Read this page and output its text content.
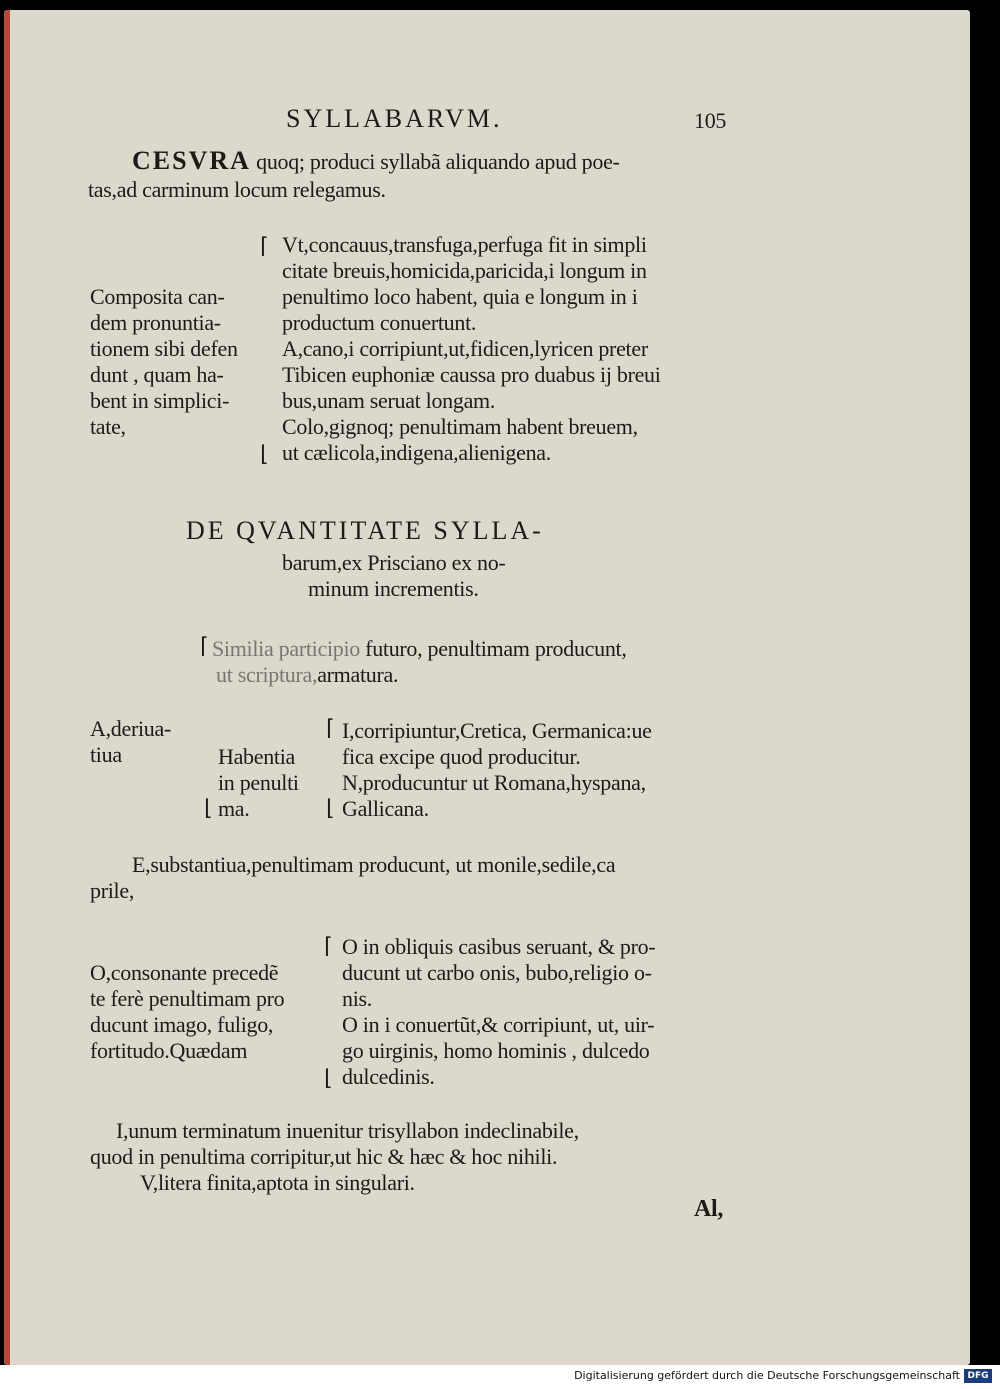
SYLLABARVM.	105
CESVRA quoq; produci syllabã aliquando apud poe-
tas,ad carminum locum relegamus.
⌈
⌊
Composita can-
dem pronuntia-
tionem sibi defen
dunt , quam ha-
bent in simplici-
tate,
Vt,concauus,transfuga,perfuga fit in simpli
citate breuis,homicida,paricida,i longum in
penultimo loco habent, quia e longum in i
productum conuertunt.
A,cano,i corripiunt,ut,fidicen,lyricen preter
Tibicen euphoniæ caussa pro duabus ij breui
bus,unam seruat longam.
Colo,gignoq; penultimam habent breuem,
ut cælicola,indigena,alienigena.
DE QVANTITATE SYLLA-
barum,ex Prisciano ex no-
minum incrementis.
⌈ Similia participio futuro, penultimam producunt,
ut scriptura,armatura.
A,deriua-
tiua	Habentia
in penulti
⌊ ma.
⌈
⌊
I,corripiuntur,Cretica, Germanica:ue
fica excipe quod producitur.
N,producuntur ut Romana,hyspana,
Gallicana.
E,substantiua,penultimam producunt, ut monile,sedile,ca
prile,
O,consonante precedẽ
te ferè penultimam pro
ducunt imago, fuligo,
fortitudo.Quædam
⌈
⌊
O in obliquis casibus seruant, & pro-
ducunt ut carbo onis, bubo,religio o-
nis.
O in i conuertũt,& corripiunt, ut, uir-
go uirginis, homo hominis , dulcedo
dulcedinis.
I,unum terminatum inuenitur trisyllabon indeclinabile,
quod in penultima corripitur,ut hic & hæc & hoc nihili.
V,litera finita,aptota in singulari.
Al,
Digitalisierung gefördert durch die Deutsche Forschungsgemeinschaft DFG
